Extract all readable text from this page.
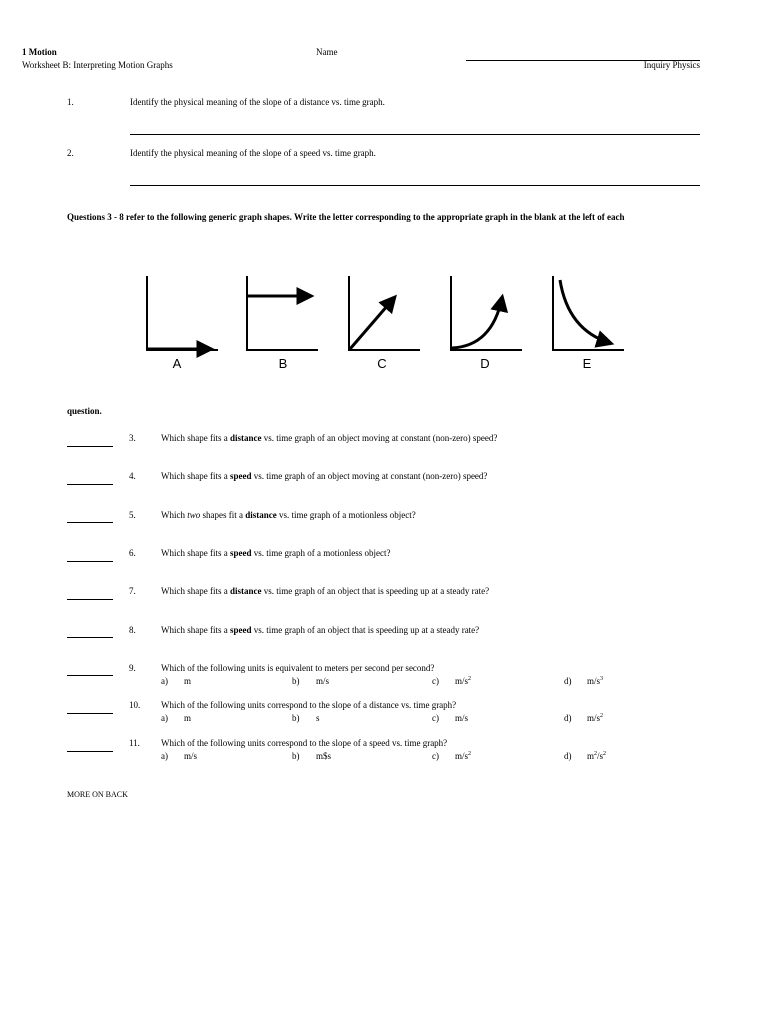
1 Motion
Worksheet B: Interpreting Motion Graphs
Name
Inquiry Physics
1.	Identify the physical meaning of the slope of a distance vs. time graph.
2.	Identify the physical meaning of the slope of a speed vs. time graph.
Questions 3 - 8 refer to the following generic graph shapes. Write the letter corresponding to the appropriate graph in the blank at the left of each
A	B	C	D	E
question.
3.	Which shape fits a distance vs. time graph of an object moving at constant (non-zero) speed?
4.	Which shape fits a speed vs. time graph of an object moving at constant (non-zero) speed?
5.	Which two shapes fit a distance vs. time graph of a motionless object?
6.	Which shape fits a speed vs. time graph of a motionless object?
7.	Which shape fits a distance vs. time graph of an object that is speeding up at a steady rate?
8.	Which shape fits a speed vs. time graph of an object that is speeding up at a steady rate?
9.	Which of the following units is equivalent to meters per second per second?
a) m	b) m/s	c) $m/s^2$	d) $m/s^3$
10. Which of the following units correspond to the slope of a distance vs. time graph?
a) m	b) s	c) m/s	d) $m/s^2$
11. Which of the following units correspond to the slope of a speed vs. time graph?
a) m/s	b) m$s	c) $m/s^2$	d) $m^2/s^2$
MORE ON BACK
